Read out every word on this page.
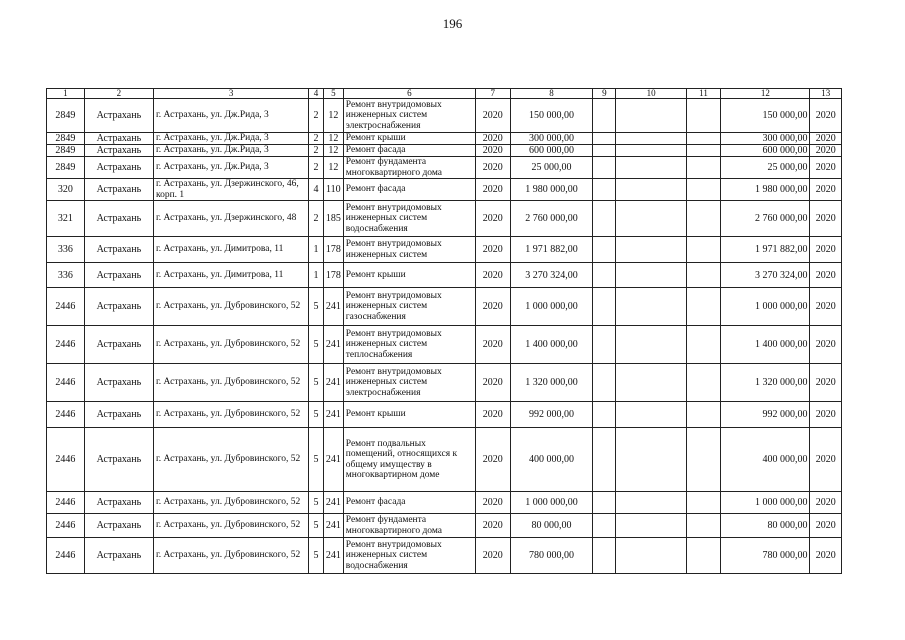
196
1	2	3	4	5	6	7	8	9	10	11	12	13
2849	Астрахань	г. Астрахань, ул. Дж.Рида, 3	2	12	Ремонт внутридомовых инженерных систем электроснабжения	2020	150 000,00				150 000,00	2020
2849	Астрахань	г. Астрахань, ул. Дж.Рида, 3	2	12	Ремонт крыши	2020	300 000,00				300 000,00	2020
2849	Астрахань	г. Астрахань, ул. Дж.Рида, 3	2	12	Ремонт фасада	2020	600 000,00				600 000,00	2020
2849	Астрахань	г. Астрахань, ул. Дж.Рида, 3	2	12	Ремонт фундамента многоквартирного дома	2020	25 000,00				25 000,00	2020
320	Астрахань	г. Астрахань, ул. Дзержинского, 46, корп. 1	4	110	Ремонт фасада	2020	1 980 000,00				1 980 000,00	2020
321	Астрахань	г. Астрахань, ул. Дзержинского, 48	2	185	Ремонт внутридомовых инженерных систем водоснабжения	2020	2 760 000,00				2 760 000,00	2020
336	Астрахань	г. Астрахань, ул. Димитрова, 11	1	178	Ремонт внутридомовых инженерных систем	2020	1 971 882,00				1 971 882,00	2020
336	Астрахань	г. Астрахань, ул. Димитрова, 11	1	178	Ремонт крыши	2020	3 270 324,00				3 270 324,00	2020
2446	Астрахань	г. Астрахань, ул. Дубровинского, 52	5	241	Ремонт внутридомовых инженерных систем газоснабжения	2020	1 000 000,00				1 000 000,00	2020
2446	Астрахань	г. Астрахань, ул. Дубровинского, 52	5	241	Ремонт внутридомовых инженерных систем теплоснабжения	2020	1 400 000,00				1 400 000,00	2020
2446	Астрахань	г. Астрахань, ул. Дубровинского, 52	5	241	Ремонт внутридомовых инженерных систем электроснабжения	2020	1 320 000,00				1 320 000,00	2020
2446	Астрахань	г. Астрахань, ул. Дубровинского, 52	5	241	Ремонт крыши	2020	992 000,00				992 000,00	2020
2446	Астрахань	г. Астрахань, ул. Дубровинского, 52	5	241	Ремонт подвальных помещений, относящихся к общему имуществу в многоквартирном доме	2020	400 000,00				400 000,00	2020
2446	Астрахань	г. Астрахань, ул. Дубровинского, 52	5	241	Ремонт фасада	2020	1 000 000,00				1 000 000,00	2020
2446	Астрахань	г. Астрахань, ул. Дубровинского, 52	5	241	Ремонт фундамента многоквартирного дома	2020	80 000,00				80 000,00	2020
2446	Астрахань	г. Астрахань, ул. Дубровинского, 52	5	241	Ремонт внутридомовых инженерных систем водоснабжения	2020	780 000,00				780 000,00	2020
